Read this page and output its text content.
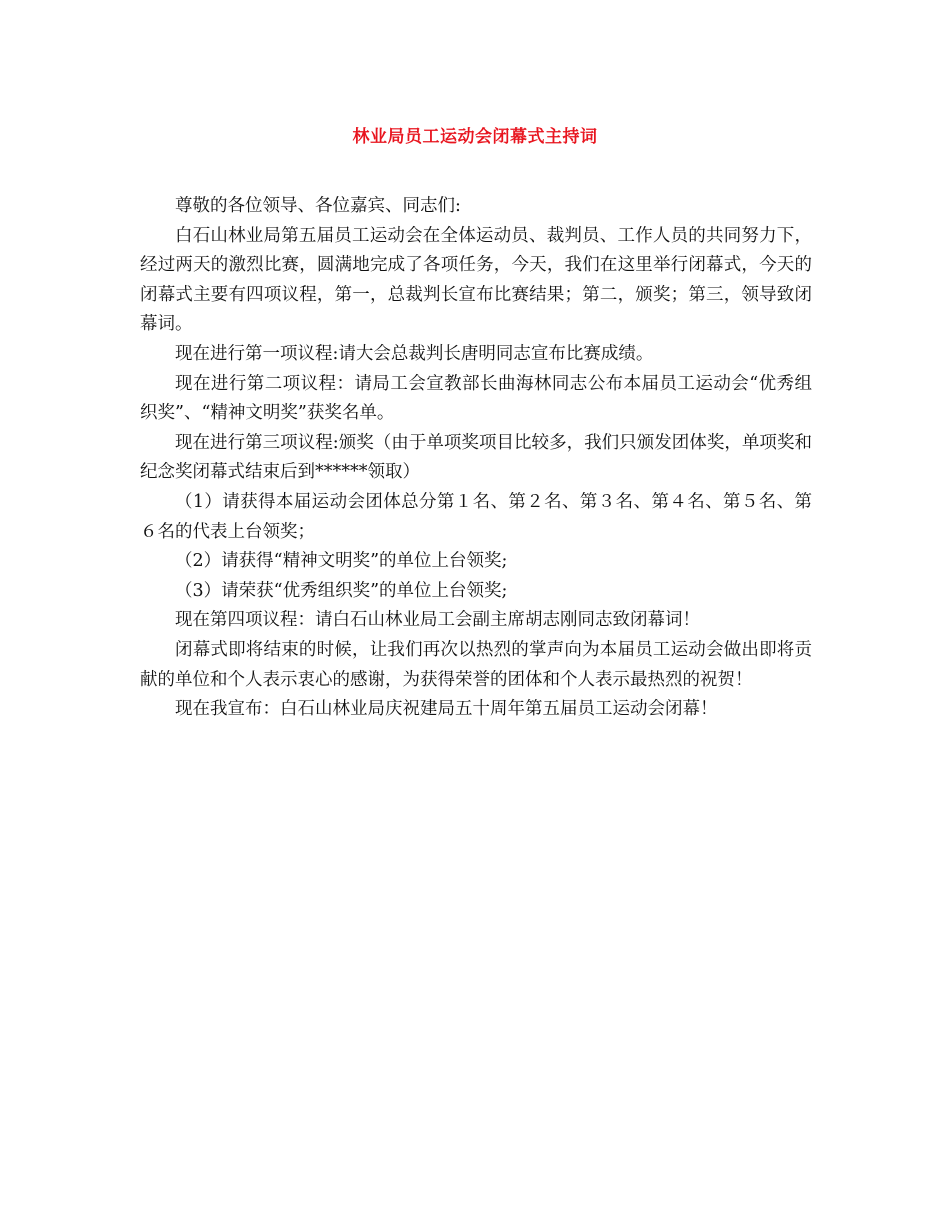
林业局员工运动会闭幕式主持词

尊敬的各位领导、各位嘉宾、同志们:

白石山林业局第五届员工运动会在全体运动员、裁判员、工作人员的共同努力下，经过两天的激烈比赛，圆满地完成了各项任务，今天，我们在这里举行闭幕式，今天的闭幕式主要有四项议程，第一，总裁判长宣布比赛结果；第二，颁奖；第三，领导致闭幕词。

现在进行第一项议程:请大会总裁判长唐明同志宣布比赛成绩。

现在进行第二项议程：请局工会宣教部长曲海林同志公布本届员工运动会“优秀组织奖”、“精神文明奖”获奖名单。

现在进行第三项议程:颁奖（由于单项奖项目比较多，我们只颁发团体奖，单项奖和纪念奖闭幕式结束后到******领取）

（1）请获得本届运动会团体总分第１名、第２名、第３名、第４名、第５名、第６名的代表上台领奖；

（2）请获得“精神文明奖”的单位上台领奖;

（3）请荣获“优秀组织奖”的单位上台领奖;

现在第四项议程：请白石山林业局工会副主席胡志刚同志致闭幕词！

闭幕式即将结束的时候，让我们再次以热烈的掌声向为本届员工运动会做出即将贡献的单位和个人表示衷心的感谢，为获得荣誉的团体和个人表示最热烈的祝贺！

现在我宣布：白石山林业局庆祝建局五十周年第五届员工运动会闭幕！
